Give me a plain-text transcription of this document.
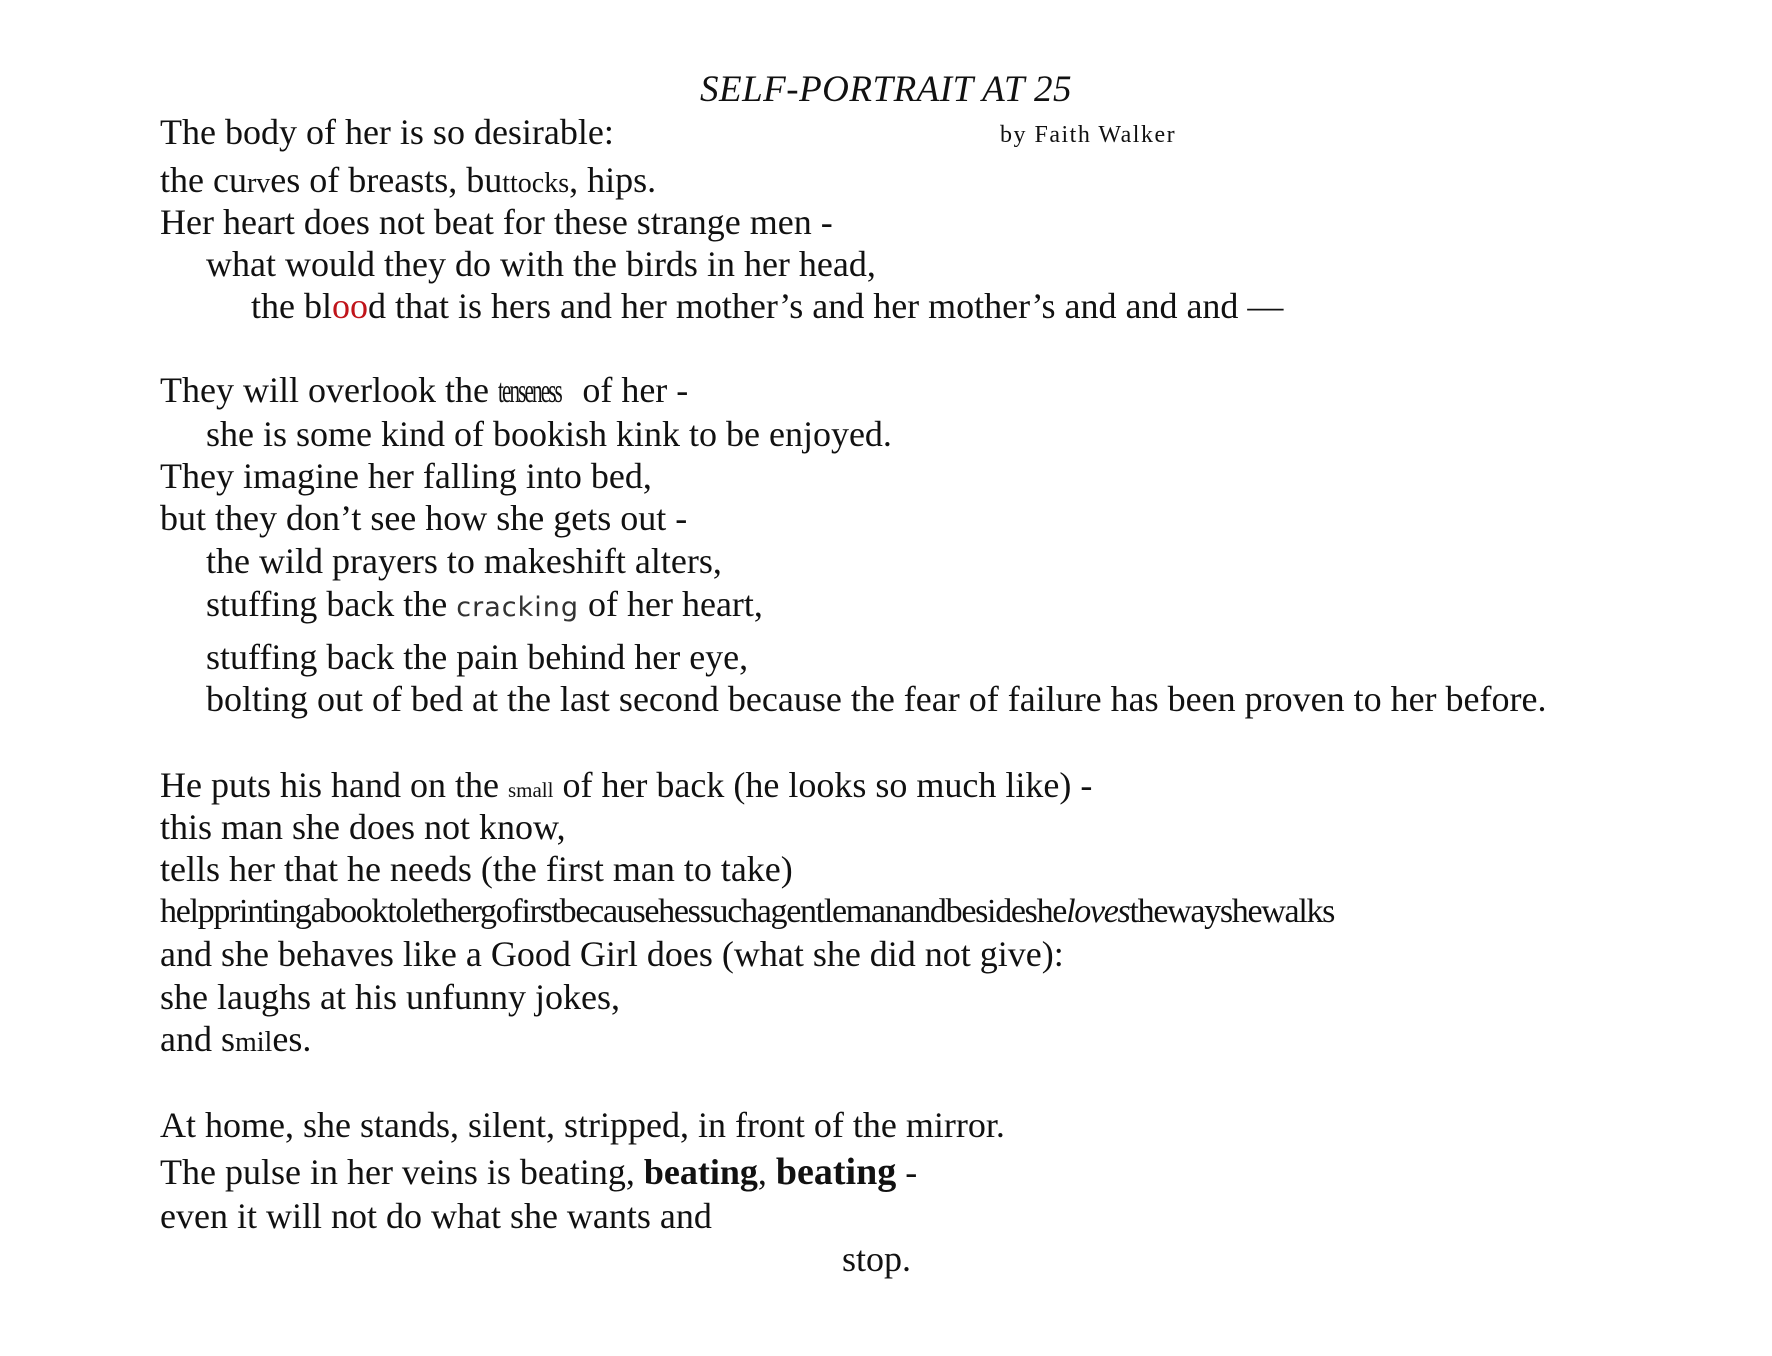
SELF-PORTRAIT AT 25
by Faith Walker
The body of her is so desirable:
the curves of breasts, buttocks, hips.
Her heart does not beat for these strange men -
what would they do with the birds in her head,
the blood that is hers and her mother’s and her mother’s and and and —
They will overlook the tenseness of her -
she is some kind of bookish kink to be enjoyed.
They imagine her falling into bed,
but they don’t see how she gets out -
the wild prayers to makeshift alters,
stuffing back the cracking of her heart,
stuffing back the pain behind her eye,
bolting out of bed at the last second because the fear of failure has been proven to her before.
He puts his hand on the small of her back (he looks so much like) -
this man she does not know,
tells her that he needs (the first man to take)
helpprintingabooktolethergofirstbecausehessuchagentlemanandbesideshelovesthewayshewalks
and she behaves like a Good Girl does (what she did not give):
she laughs at his unfunny jokes,
and smiles.
At home, she stands, silent, stripped, in front of the mirror.
The pulse in her veins is beating, beating, beating -
even it will not do what she wants and
stop.
